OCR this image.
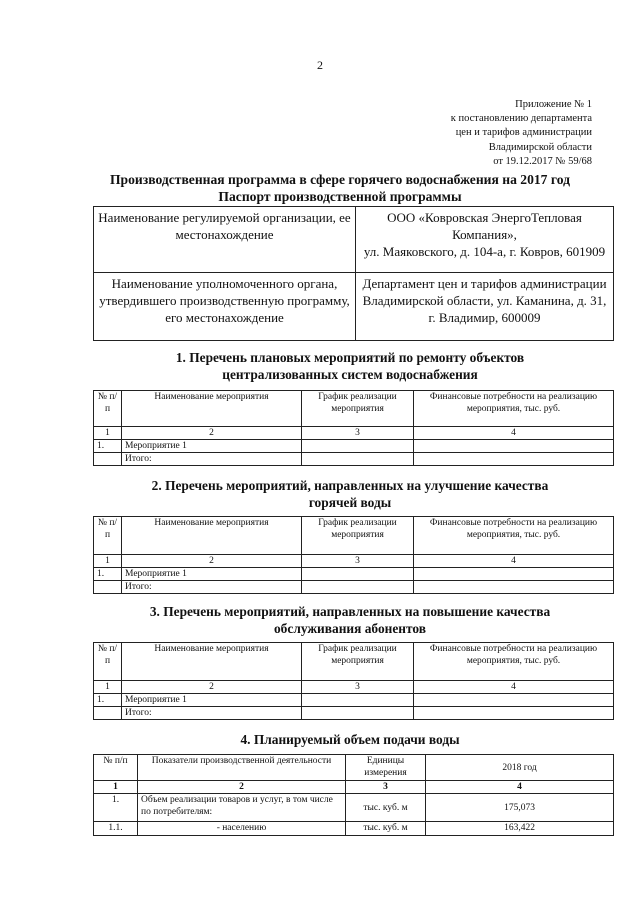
2
Приложение № 1
к постановлению департамента
цен и тарифов администрации
Владимирской области
от 19.12.2017 № 59/68
Производственная программа в сфере горячего водоснабжения на 2017 год
Паспорт производственной программы
Наименование регулируемой организации, ее местонахождение	ООО «Ковровская ЭнергоТепловая Компания»,
ул. Маяковского, д. 104-а, г. Ковров, 601909

Наименование уполномоченного органа, утвердившего производственную программу, его местонахождение	Департамент цен и тарифов администрации Владимирской области, ул. Каманина, д. 31,
г. Владимир, 600009
1. Перечень плановых мероприятий по ремонту объектов
централизованных систем водоснабжения
№ п/п	Наименование мероприятия	График реализации мероприятия	Финансовые потребности на реализацию мероприятия, тыс. руб.
1	2	3	4
1.	Мероприятие 1		
	Итого:		
2. Перечень мероприятий, направленных на улучшение качества
горячей воды
№ п/п	Наименование мероприятия	График реализации мероприятия	Финансовые потребности на реализацию мероприятия, тыс. руб.
1	2	3	4
1.	Мероприятие 1		
	Итого:		
3. Перечень мероприятий, направленных на повышение качества
обслуживания абонентов
№ п/п	Наименование мероприятия	График реализации мероприятия	Финансовые потребности на реализацию мероприятия, тыс. руб.
1	2	3	4
1.	Мероприятие 1		
	Итого:		
4. Планируемый объем подачи воды
№ п/п	Показатели производственной деятельности	Единицы измерения	2018 год
1	2	3	4
1.	Объем реализации товаров и услуг, в том числе по потребителям:	тыс. куб. м	175,073
1.1.	- населению	тыс. куб. м	163,422
